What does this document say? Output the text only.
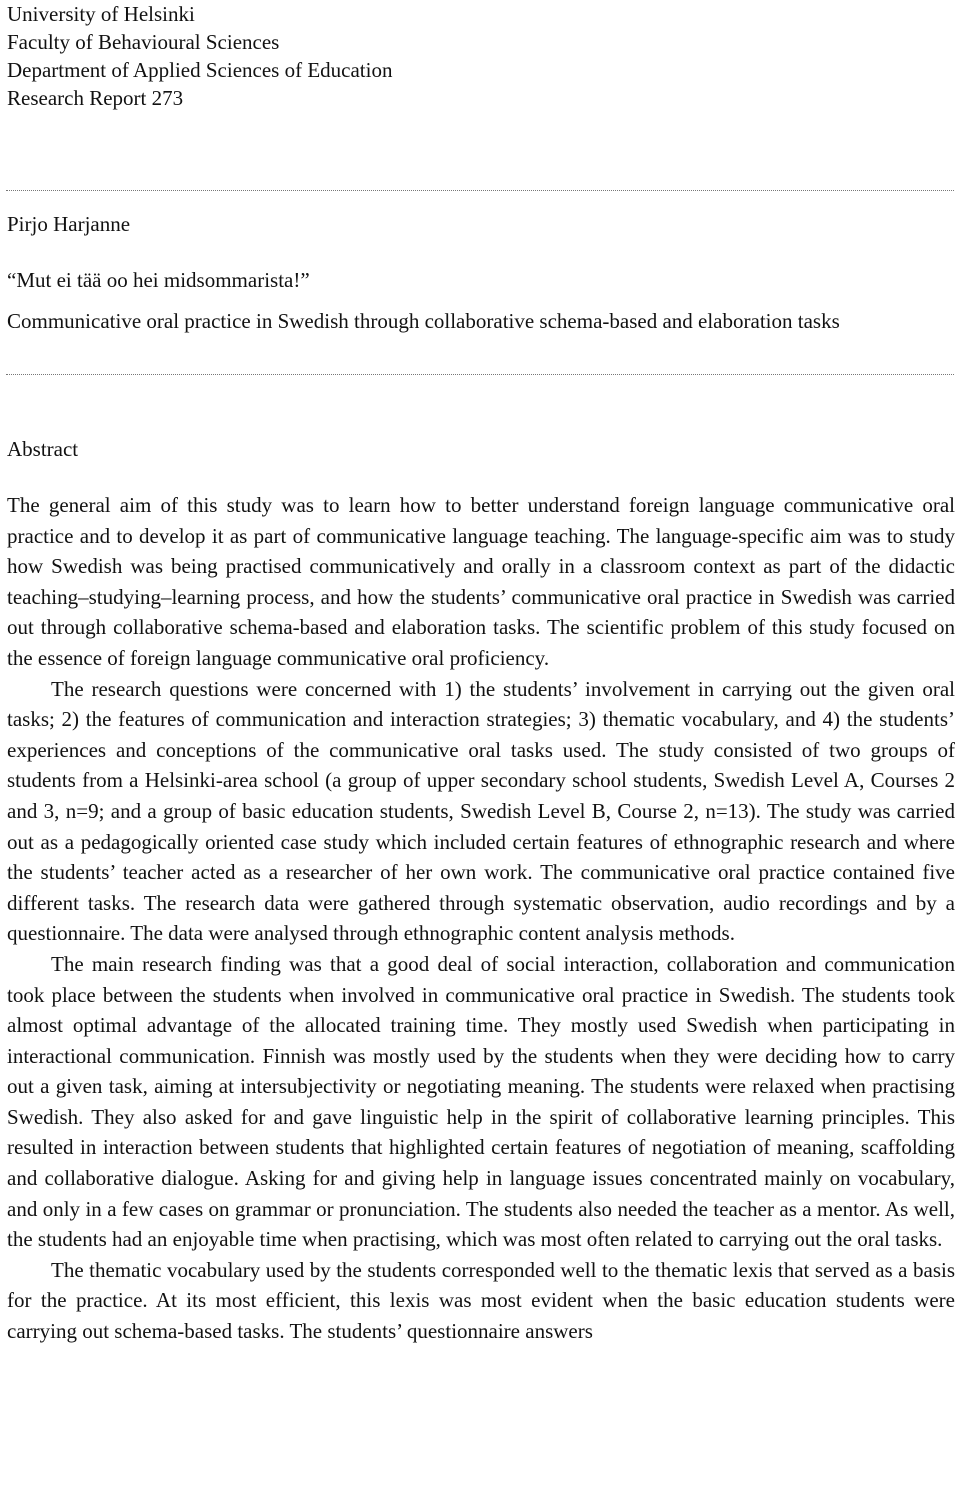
University of Helsinki
Faculty of Behavioural Sciences
Department of Applied Sciences of Education
Research Report 273
Pirjo Harjanne
“Mut ei tää oo hei midsommarista!”
Communicative oral practice in Swedish through collaborative schema-based and elaboration tasks
Abstract

The general aim of this study was to learn how to better understand foreign language communicative oral practice and to develop it as part of communicative language teaching. The language-specific aim was to study how Swedish was being practised communicatively and orally in a classroom context as part of the didactic teaching–studying–learning process, and how the students’ communicative oral practice in Swedish was carried out through collaborative schema-based and elaboration tasks. The scientific problem of this study focused on the essence of foreign language communicative oral proficiency.

The research questions were concerned with 1) the students’ involvement in carrying out the given oral tasks; 2) the features of communication and interaction strategies; 3) thematic vocabulary, and 4) the students’ experiences and conceptions of the communicative oral tasks used. The study consisted of two groups of students from a Helsinki-area school (a group of upper secondary school students, Swedish Level A, Courses 2 and 3, n=9; and a group of basic education students, Swedish Level B, Course 2, n=13). The study was carried out as a pedagogically oriented case study which included certain features of ethnographic research and where the students’ teacher acted as a researcher of her own work. The communicative oral practice contained five different tasks. The research data were gathered through systematic observation, audio recordings and by a questionnaire. The data were analysed through ethnographic content analysis methods.

The main research finding was that a good deal of social interaction, collaboration and communication took place between the students when involved in communicative oral practice in Swedish. The students took almost optimal advantage of the allocated training time. They mostly used Swedish when participating in interactional communication. Finnish was mostly used by the students when they were deciding how to carry out a given task, aiming at intersubjectivity or negotiating meaning. The students were relaxed when practising Swedish. They also asked for and gave linguistic help in the spirit of collaborative learning principles. This resulted in interaction between students that highlighted certain features of negotiation of meaning, scaffolding and collaborative dialogue. Asking for and giving help in language issues concentrated mainly on vocabulary, and only in a few cases on grammar or pronunciation. The students also needed the teacher as a mentor. As well, the students had an enjoyable time when practising, which was most often related to carrying out the oral tasks.

The thematic vocabulary used by the students corresponded well to the thematic lexis that served as a basis for the practice. At its most efficient, this lexis was most evident when the basic education students were carrying out schema-based tasks. The students’ questionnaire answers
